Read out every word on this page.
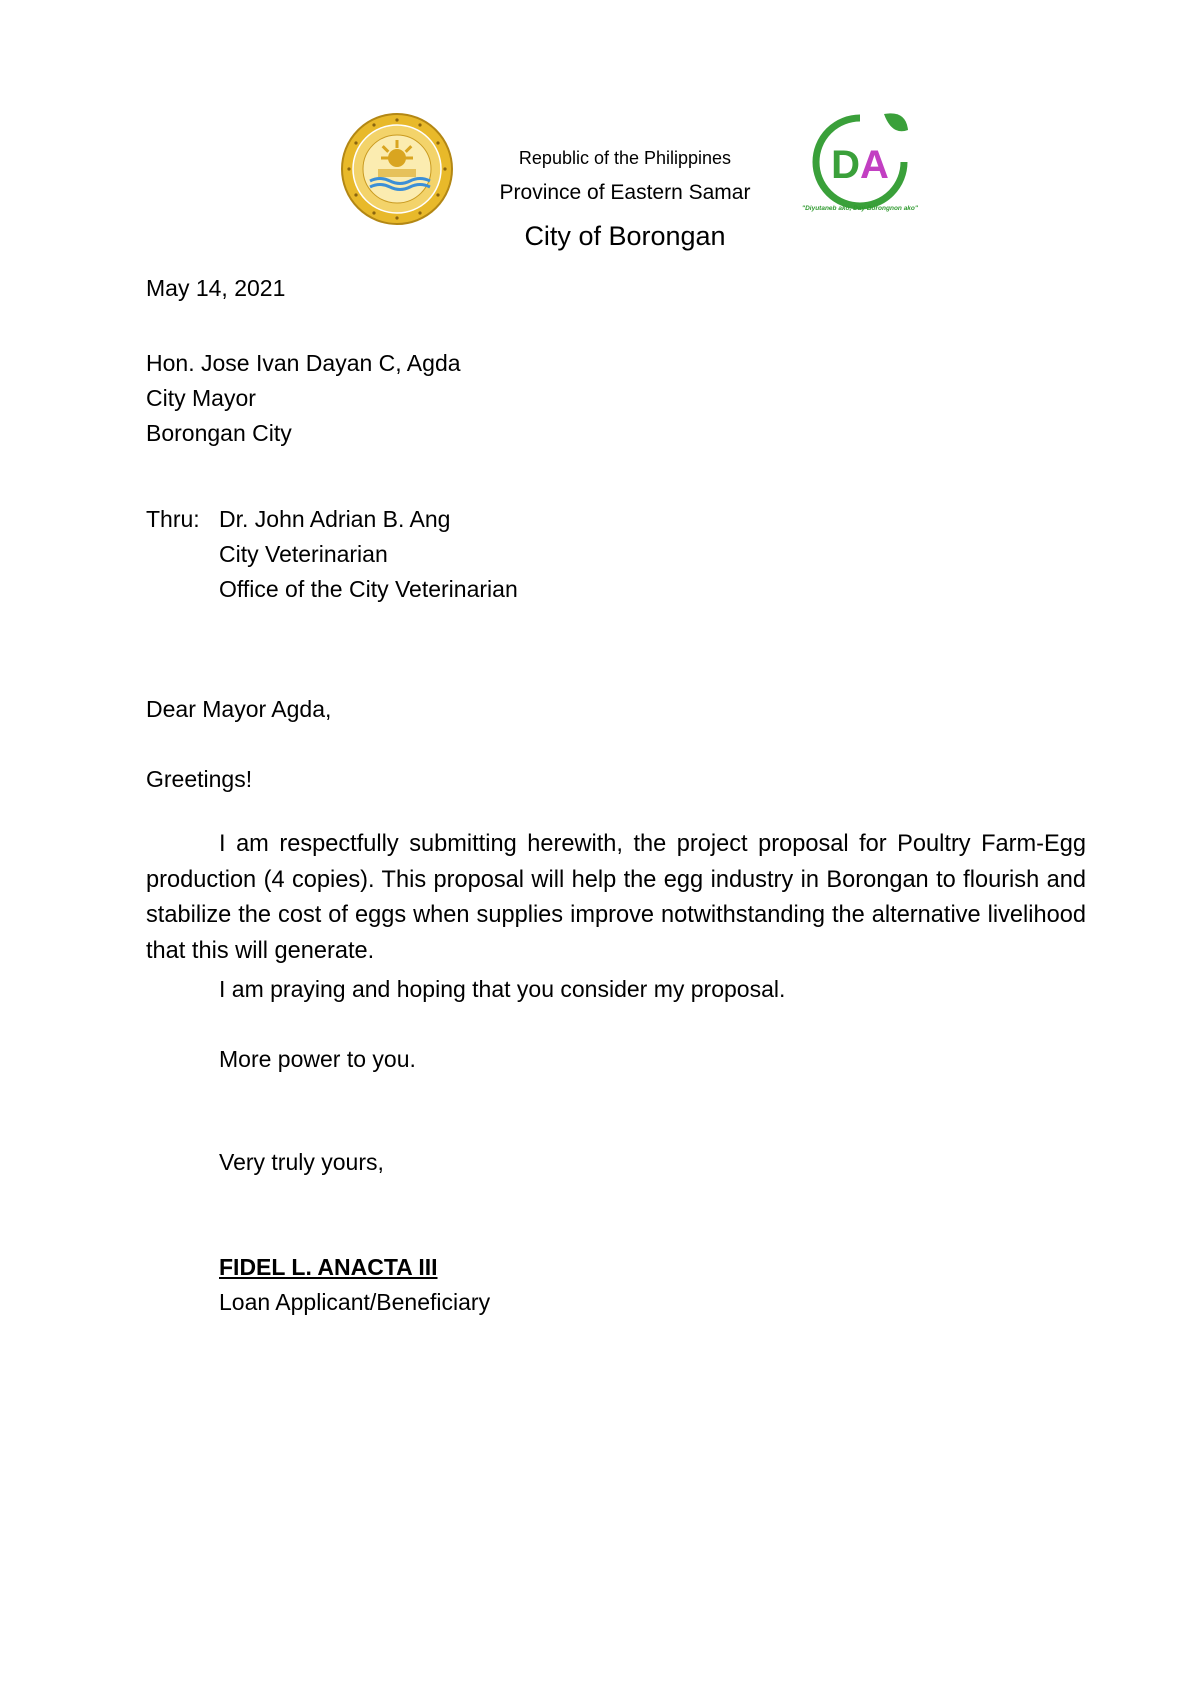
Republic of the Philippines

Province of Eastern Samar

City of Borongan

DA

"Diyutaneb ako, Day Borongnon ako"

May 14, 2021

Hon. Jose Ivan Dayan C, Agda

City Mayor

Borongan City

Thru: Dr. John Adrian B. Ang

City Veterinarian

Office of the City Veterinarian

Dear Mayor Agda,

Greetings!

I am respectfully submitting herewith, the project proposal for Poultry Farm-Egg production (4 copies). This proposal will help the egg industry in Borongan to flourish and stabilize the cost of eggs when supplies improve notwithstanding the alternative livelihood that this will generate.

I am praying and hoping that you consider my proposal.

More power to you.

Very truly yours,

FIDEL L. ANACTA III

Loan Applicant/Beneficiary
